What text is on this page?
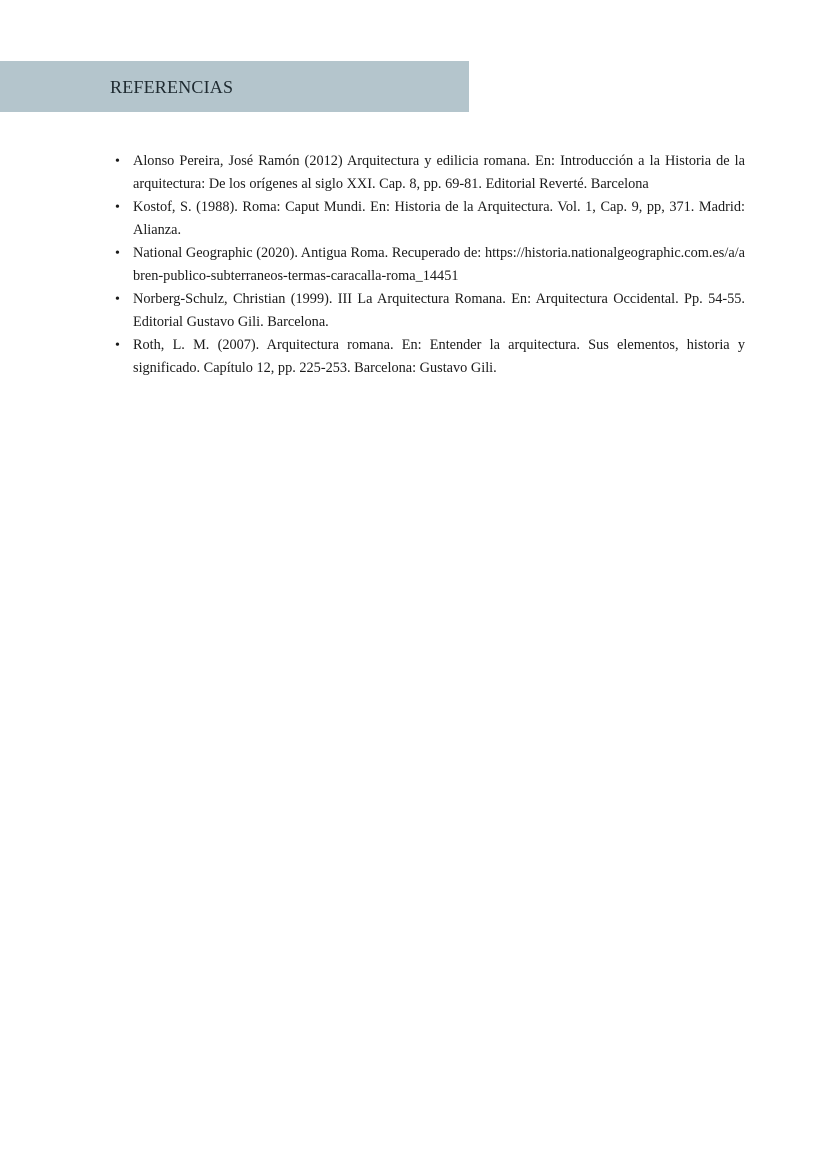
REFERENCIAS
• Alonso Pereira, José Ramón (2012) Arquitectura y edilicia romana. En: Introducción a la Historia de la arquitectura: De los orígenes al siglo XXI. Cap. 8, pp. 69-81. Editorial Reverté. Barcelona
• Kostof, S. (1988). Roma: Caput Mundi. En: Historia de la Arquitectura. Vol. 1, Cap. 9, pp, 371. Madrid: Alianza.
• National Geographic (2020). Antigua Roma. Recuperado de: https://historia.nationalgeographic.com.es/a/abren-publico-subterraneos-termas-caracalla-roma_14451
• Norberg-Schulz, Christian (1999). III La Arquitectura Romana. En: Arquitectura Occidental. Pp. 54-55. Editorial Gustavo Gili. Barcelona.
• Roth, L. M. (2007). Arquitectura romana. En: Entender la arquitectura. Sus elementos, historia y significado. Capítulo 12, pp. 225-253. Barcelona: Gustavo Gili.
